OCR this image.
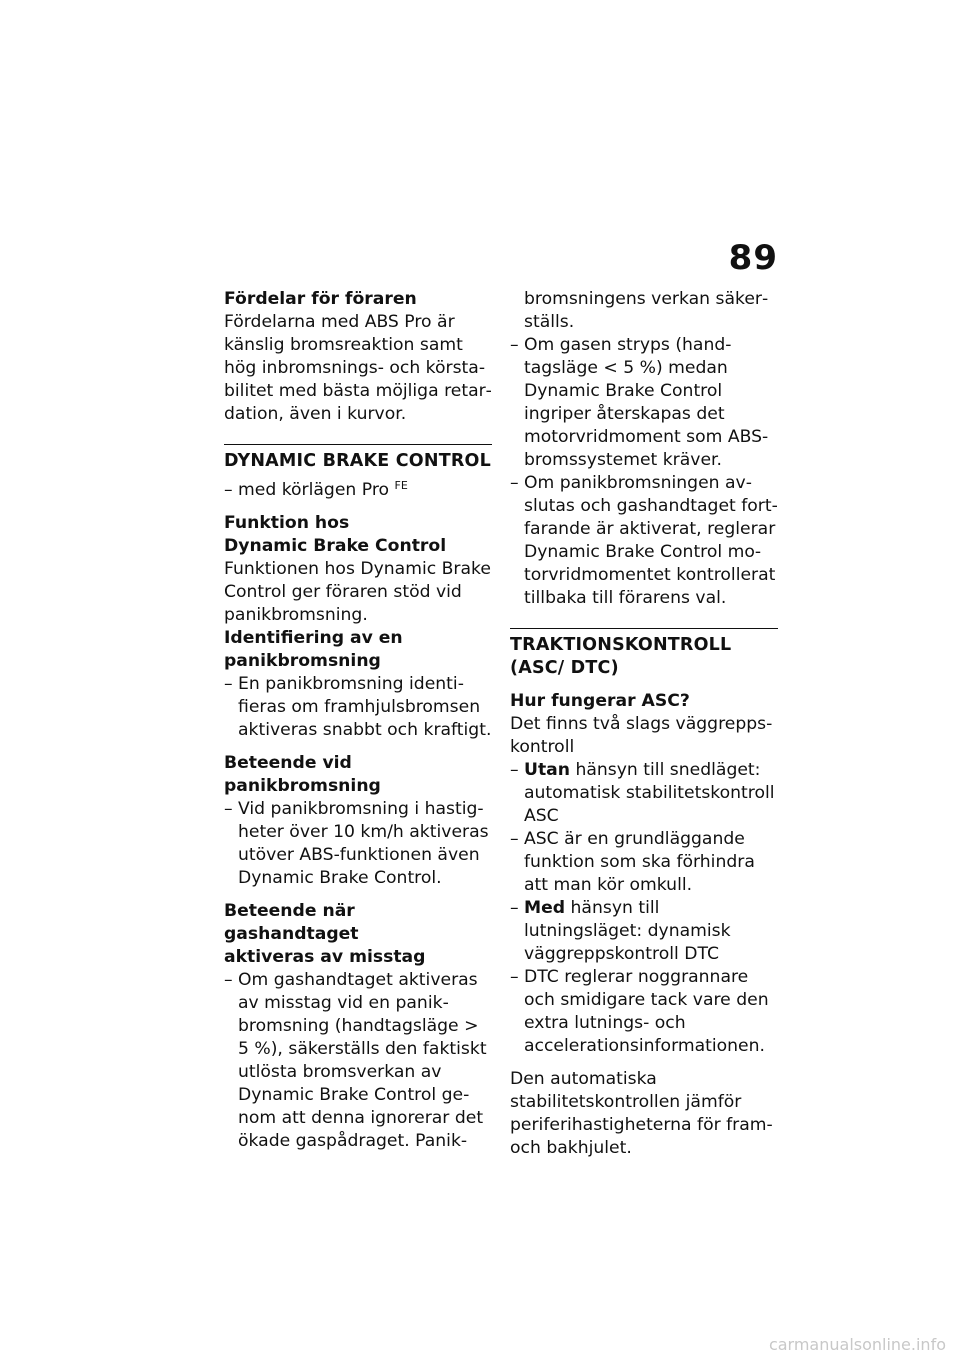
89

Fördelar för föraren

Fördelarna med ABS Pro är känslig bromsreaktion samt hög inbromsnings- och körstabilitet med bästa möjliga retardation, även i kurvor.

DYNAMIC BRAKE CONTROL

– med körlägen Pro $^{FE}$

Funktion hos

Dynamic Brake Control

Funktionen hos Dynamic Brake Control ger föraren stöd vid panikbromsning.

Identifiering av en

panikbromsning

– En panikbromsning identifieras om framhjulsbromsen aktiveras snabbt och kraftigt.

Beteende vid panikbromsning

– Vid panikbromsning i hastigheter över 10 km/h aktiveras utöver ABS-funktionen även Dynamic Brake Control.

Beteende när gashandtaget

aktiveras av misstag

– Om gashandtaget aktiveras av misstag vid en panikbromsning (handtagsläge > 5 %), säkerställs den faktiskt utlösta bromsverkan av Dynamic Brake Control genom att denna ignorerar det ökade gaspådraget. Panik-

bromsningens verkan säkerställs.

– Om gasen stryps (handtagsläge < 5 %) medan Dynamic Brake Control ingriper återskapas det motorvridmoment som ABS-bromssystemet kräver.

– Om panikbromsningen avslutas och gashandtaget fortfarande är aktiverat, reglerar Dynamic Brake Control motorvridmomentet kontrollerat tillbaka till förarens val.

TRAKTIONSKONTROLL (ASC/ DTC)

Hur fungerar ASC?

Det finns två slags väggreppskontroll

– Utan hänsyn till snedläget: automatisk stabilitetskontroll ASC

– ASC är en grundläggande funktion som ska förhindra att man kör omkull.

– Med hänsyn till lutningsläget: dynamisk väggreppskontroll DTC

– DTC reglerar noggrannare och smidigare tack vare den extra lutnings- och accelerationsinformationen.

Den automatiska stabilitetskontrollen jämför periferihastigheterna för fram- och bakhjulet.

carmanualsonline.info
